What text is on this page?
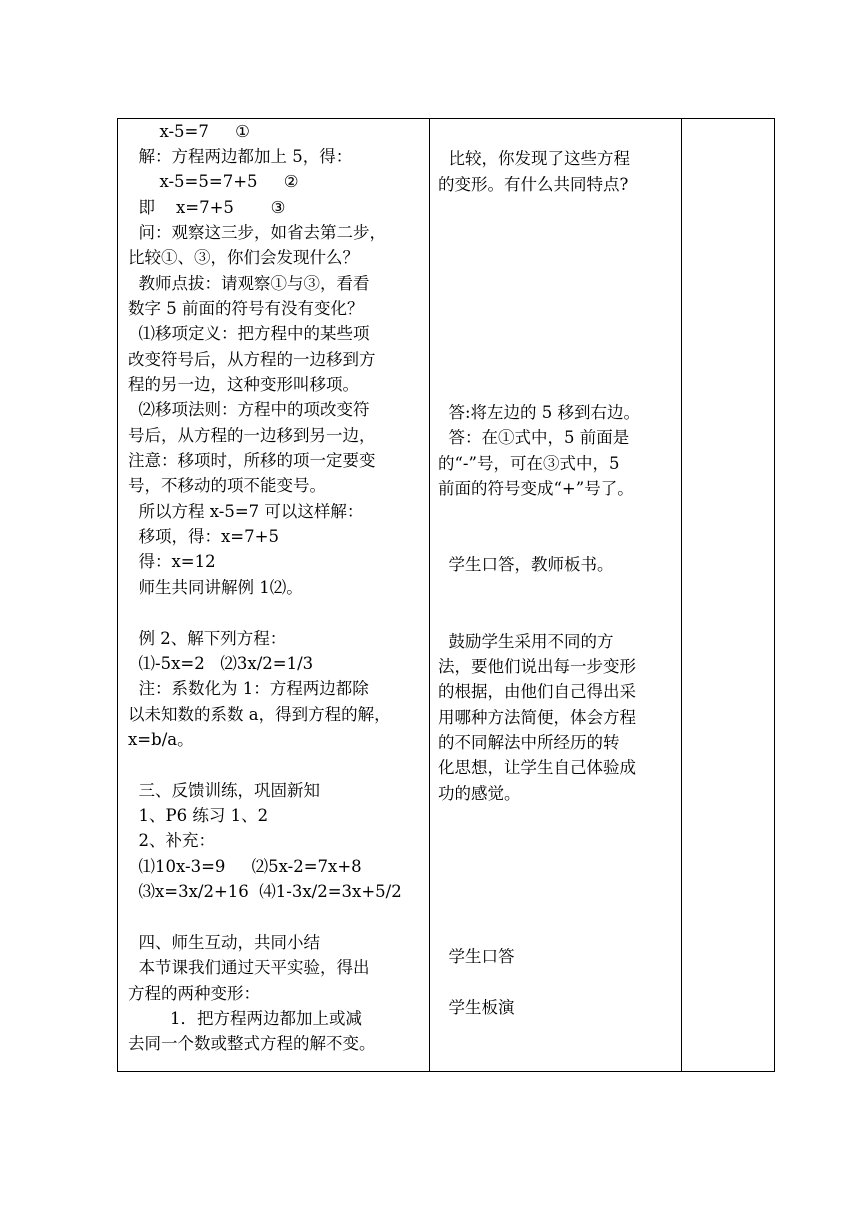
x-5=7     ①
解：方程两边都加上 5，得：
x-5=5=7+5     ②
即    x=7+5       ③
问：观察这三步，如省去第二步，
比较①、③，你们会发现什么？
教师点拔：请观察①与③，看看
数字 5 前面的符号有没有变化？
⑴移项定义：把方程中的某些项
改变符号后，从方程的一边移到方
程的另一边，这种变形叫移项。
⑵移项法则：方程中的项改变符
号后，从方程的一边移到另一边，
注意：移项时，所移的项一定要变
号，不移动的项不能变号。
所以方程 x-5=7 可以这样解：
移项，得：x=7+5
得：x=12
师生共同讲解例 1⑵。
例 2、解下列方程：
⑴-5x=2   ⑵3x/2=1/3
注：系数化为 1：方程两边都除
以未知数的系数 a，得到方程的解，
x=b/a。
三、反馈训练，巩固新知
1、P6 练习 1、2
2、补充：
⑴10x-3=9     ⑵5x-2=7x+8
⑶x=3x/2+16  ⑷1-3x/2=3x+5/2
四、师生互动，共同小结
本节课我们通过天平实验，得出
方程的两种变形：
1．把方程两边都加上或减
去同一个数或整式方程的解不变。
比较，你发现了这些方程
的变形。有什么共同特点?
答:将左边的 5 移到右边。
答：在①式中，5 前面是
的“-”号，可在③式中，5
前面的符号变成“+”号了。
学生口答，教师板书。
鼓励学生采用不同的方
法，要他们说出每一步变形
的根据，由他们自己得出采
用哪种方法简便，体会方程
的不同解法中所经历的转
化思想，让学生自己体验成
功的感觉。
学生口答
学生板演
